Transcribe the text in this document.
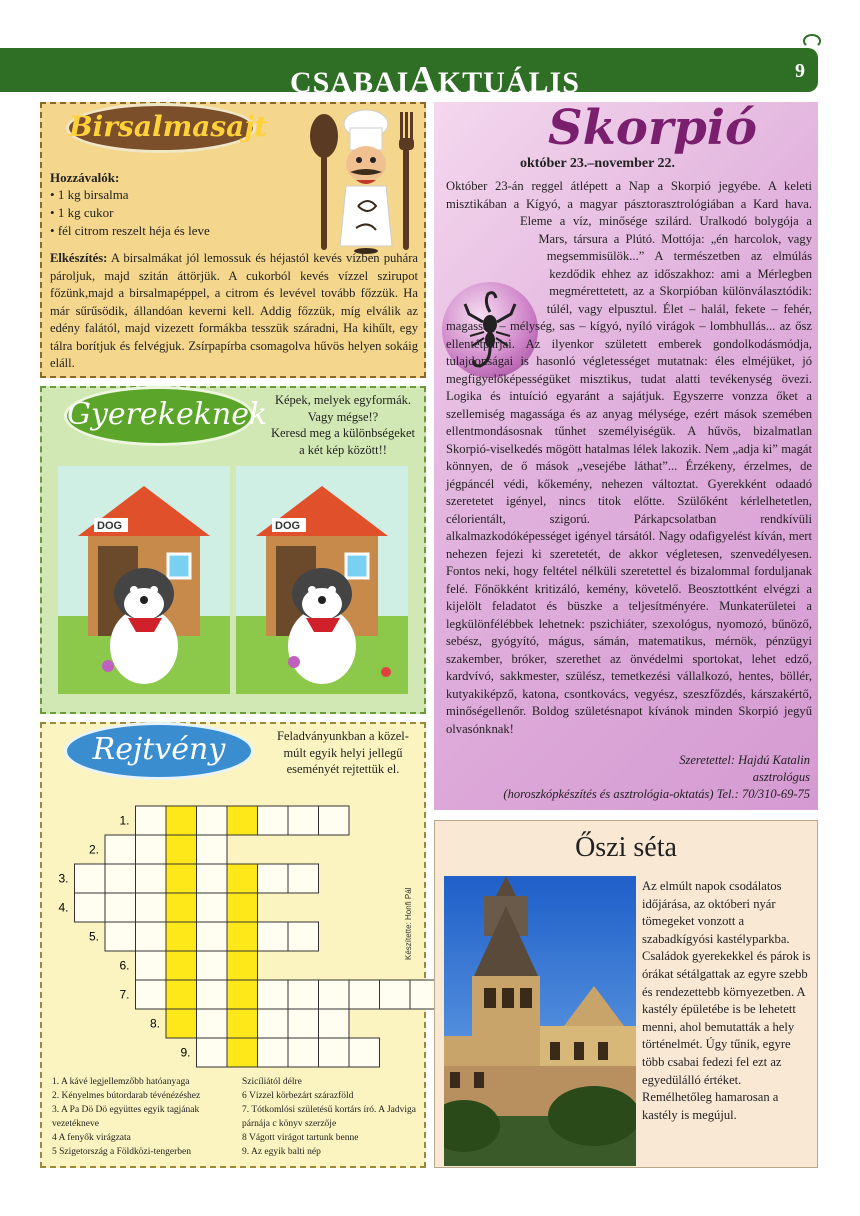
CSABAIAKTUÁLIS	9
Birsalmasajt
Hozzávalók:
• 1 kg birsalma
• 1 kg cukor
• fél citrom reszelt héja és leve
Elkészítés: A birsalmákat jól lemossuk és héjastól kevés vízben puhára pároljuk, majd szitán áttörjük. A cukorból kevés vízzel szirupot főzünk,majd a birsalmapéppel, a citrom és levével tovább főzzük. Ha már sűrűsödik, állandóan keverni kell. Addig főzzük, míg elválik az edény falától, majd vizezett formákba tesszük száradni, Ha kihűlt, egy tálra borítjuk és felvégjuk. Zsírpapírba csomagolva hűvös helyen sokáig eláll.
Gyerekeknek Képek, melyek egyformák.
Vagy mégse!?
Keresd meg a különbségeket
a két kép között!!
DOG	DOG
Rejtvény	Feladványunkban a közel-
múlt egyik helyi jellegű
eseményét rejtettük el.
1.
2.
3.
4.
5.
6.
7.
8.
9.
Készítette: Honfi Pál
1. A kávé legjellemzőbb hatóanyaga
2. Kényelmes bútordarab tévénézéshez
3. A Pa Dö Dö együttes egyik tagjának vezetékneve
4 A fenyők virágzata
5 Szigetország a Földközi-tengerben
Szicíliától délre
6 Vízzel körbezárt szárazföld
7. Tótkomlósi születésű kortárs író. A Jadviga párnája c könyv szerzője
8 Vágott virágot tartunk benne
9. Az egyik balti nép
Skorpió
október 23.–november 22.
Október 23-án reggel átlépett a Nap a Skorpió jegyébe. A keleti misztikában a Kígyó, a magyar pásztorasztrológiában a Kard hava. Eleme a víz, minősége szilárd. Uralkodó bolygója a Mars, társura a Plútó. Mottója: „én harcolok, vagy megsemmisülök...” A természetben az elmúlás kezdődik ehhez az időszakhoz: ami a Mérlegben megmérettetett, az a Skorpióban különválasztódik: túlél, vagy elpusztul. Élet – halál, fekete – fehér, magasság – mélység, sas – kígyó, nyíló virágok – lombhullás... az ősz ellentétpárjai. Az ilyenkor született emberek gondolkodásmódja, tulajdonságai is hasonló végletességet mutatnak: éles elméjüket, jó megfigyelőképességüket misztikus, tudat alatti tevékenység övezi. Logika és intuíció egyaránt a sajátjuk. Egyszerre vonzza őket a szellemiség magassága és az anyag mélysége, ezért mások szemében ellentmondásosnak tűnhet személyiségük. A hűvös, bizalmatlan Skorpió-viselkedés mögött hatalmas lélek lakozik. Nem „adja ki” magát könnyen, de ő mások „vesejébe láthat”... Érzékeny, érzelmes, de jégpáncél védi, kőkemény, nehezen változtat. Gyerekként odaadó szeretetet igényel, nincs titok előtte. Szülőként kérlelhetetlen, célorientált, szigorú. Párkapcsolatban rendkívüli alkalmazkodóképességet igényel társától. Nagy odafigyelést kíván, mert nehezen fejezi ki szeretetét, de akkor végletesen, szenvedélyesen. Fontos neki, hogy feltétel nélküli szeretettel és bizalommal forduljanak felé. Főnökként kritizáló, kemény, követelő. Beosztottként elvégzi a kijelölt feladatot és büszke a teljesítményére. Munkaterületei a legkülönfélébbek lehetnek: pszichiáter, szexológus, nyomozó, bűnöző, sebész, gyógyító, mágus, sámán, matematikus, mérnök, pénzügyi szakember, bróker, szerethet az önvédelmi sportokat, lehet edző, kardvívó, sakkmester, szülész, temetkezési vállalkozó, hentes, böllér, kutyakiképző, katona, csontkovács, vegyész, szeszfőzdés, kárszakértő, minőségellenőr. Boldog születésnapot kívánok minden Skorpió jegyű olvasónknak!
Szeretettel: Hajdú Katalin
asztrológus
(horoszkópkészítés és asztrológia-oktatás) Tel.: 70/310-69-75
Őszi séta
Az elmúlt napok csodálatos időjárása, az októberi nyár tömegeket vonzott a szabadkígyósi kastélyparkba. Családok gyerekekkel és párok is órákat sétálgattak az egyre szebb és rendezettebb környezetben. A kastély épületébe is be lehetett menni, ahol bemutatták a hely történelmét. Úgy tűnik, egyre több csabai fedezi fel ezt az egyedülálló értéket. Remélhetőleg hamarosan a kastély is megújul.
